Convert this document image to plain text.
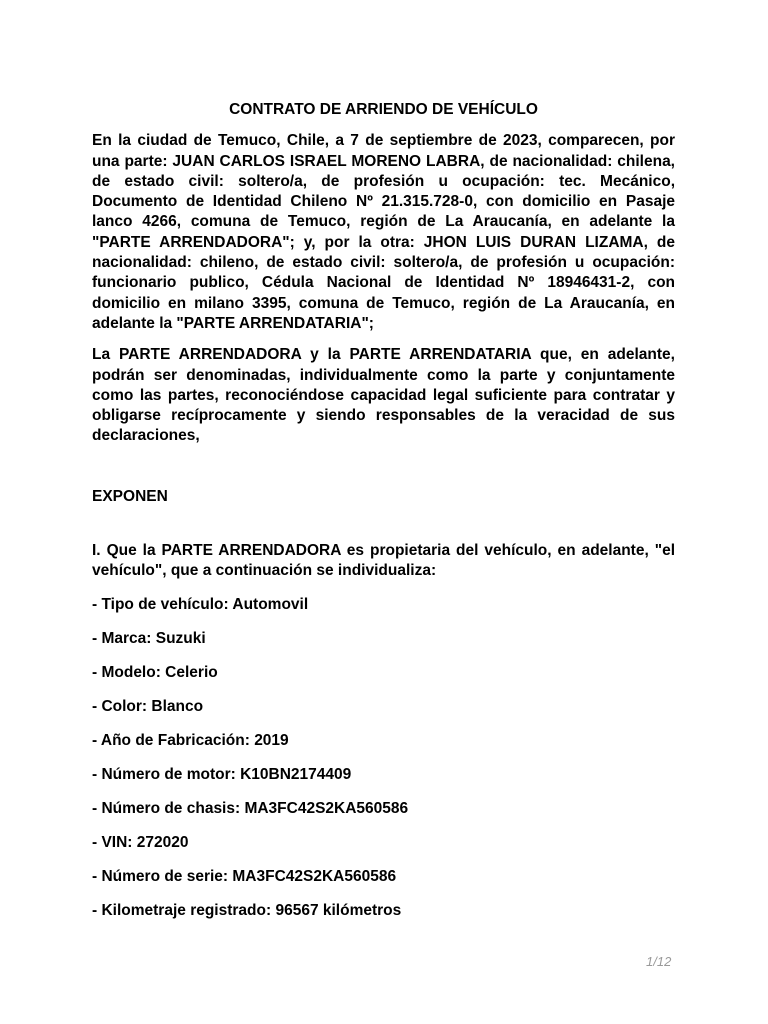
CONTRATO DE ARRIENDO DE VEHÍCULO

En la ciudad de Temuco, Chile, a 7 de septiembre de 2023, comparecen, por una parte: JUAN CARLOS ISRAEL MORENO LABRA, de nacionalidad: chilena, de estado civil: soltero/a, de profesión u ocupación: tec. Mecánico, Documento de Identidad Chileno Nº 21.315.728-0, con domicilio en Pasaje lanco 4266, comuna de Temuco, región de La Araucanía, en adelante la "PARTE ARRENDADORA"; y, por la otra: JHON LUIS DURAN LIZAMA, de nacionalidad: chileno, de estado civil: soltero/a, de profesión u ocupación: funcionario publico, Cédula Nacional de Identidad Nº 18946431-2, con domicilio en milano 3395, comuna de Temuco, región de La Araucanía, en adelante la "PARTE ARRENDATARIA";

La PARTE ARRENDADORA y la PARTE ARRENDATARIA que, en adelante, podrán ser denominadas, individualmente como la parte y conjuntamente como las partes, reconociéndose capacidad legal suficiente para contratar y obligarse recíprocamente y siendo responsables de la veracidad de sus declaraciones,

EXPONEN

I. Que la PARTE ARRENDADORA es propietaria del vehículo, en adelante, "el vehículo", que a continuación se individualiza:

- Tipo de vehículo: Automovil
- Marca: Suzuki
- Modelo: Celerio
- Color: Blanco
- Año de Fabricación: 2019
- Número de motor: K10BN2174409
- Número de chasis: MA3FC42S2KA560586
- VIN: 272020
- Número de serie: MA3FC42S2KA560586
- Kilometraje registrado: 96567 kilómetros
1/12
